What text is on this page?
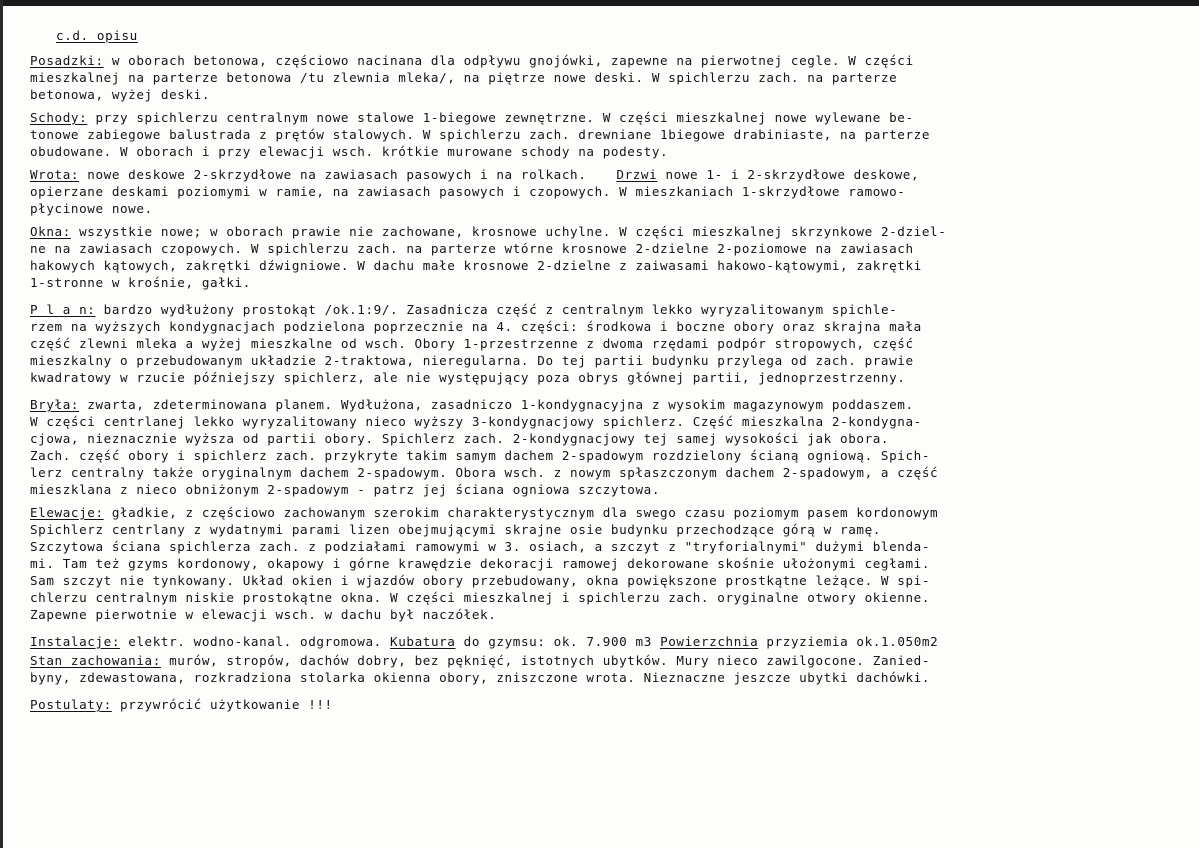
c.d. opisu
Posadzki: w oborach betonowa, częściowo nacinana dla odpływu gnojówki, zapewne na pierwotnej cegle. W części
mieszkalnej na parterze betonowa /tu zlewnia mleka/, na piętrze nowe deski. W spichlerzu zach. na parterze
betonowa, wyżej deski.
Schody: przy spichlerzu centralnym nowe stalowe 1-biegowe zewnętrzne. W części mieszkalnej nowe wylewane be-
tonowe zabiegowe balustrada z prętów stalowych. W spichlerzu zach. drewniane 1biegowe drabiniaste, na parterze
obudowane. W oborach i przy elewacji wsch. krótkie murowane schody na podesty.
Wrota: nowe deskowe 2-skrzydłowe na zawiasach pasowych i na rolkach. Drzwi nowe 1- i 2-skrzydłowe deskowe,
opierzane deskami poziomymi w ramie, na zawiasach pasowych i czopowych. W mieszkaniach 1-skrzydłowe ramowo-
płycinowe nowe.
Okna: wszystkie nowe; w oborach prawie nie zachowane, krosnowe uchylne. W części mieszkalnej skrzynkowe 2-dziel-
ne na zawiasach czopowych. W spichlerzu zach. na parterze wtórne krosnowe 2-dzielne 2-poziomowe na zawiasach
hakowych kątowych, zakrętki dźwigniowe. W dachu małe krosnowe 2-dzielne z zaiwasami hakowo-kątowymi, zakrętki
1-stronne w krośnie, gałki.
P l a n: bardzo wydłużony prostokąt /ok.1:9/. Zasadnicza część z centralnym lekko wyryzalitowanym spichle-
rzem na wyższych kondygnacjach podzielona poprzecznie na 4. części: środkowa i boczne obory oraz skrajna mała
część zlewni mleka a wyżej mieszkalne od wsch. Obory 1-przestrzenne z dwoma rzędami podpór stropowych, część
mieszkalny o przebudowanym układzie 2-traktowa, nieregularna. Do tej partii budynku przylega od zach. prawie
kwadratowy w rzucie późniejszy spichlerz, ale nie występujący poza obrys głównej partii, jednoprzestrzenny.
Bryła: zwarta, zdeterminowana planem. Wydłużona, zasadniczo 1-kondygnacyjna z wysokim magazynowym poddaszem.
W części centrlanej lekko wyryzalitowany nieco wyższy 3-kondygnacjowy spichlerz. Część mieszkalna 2-kondygna-
cjowa, nieznacznie wyższa od partii obory. Spichlerz zach. 2-kondygnacjowy tej samej wysokości jak obora.
Zach. część obory i spichlerz zach. przykryte takim samym dachem 2-spadowym rozdzielony ścianą ogniową. Spich-
lerz centralny także oryginalnym dachem 2-spadowym. Obora wsch. z nowym spłaszczonym dachem 2-spadowym, a część
mieszklana z nieco obniżonym 2-spadowym - patrz jej ściana ogniowa szczytowa.
Elewacje: gładkie, z częściowo zachowanym szerokim charakterystycznym dla swego czasu poziomym pasem kordonowym
Spichlerz centrlany z wydatnymi parami lizen obejmującymi skrajne osie budynku przechodzące górą w ramę.
Szczytowa ściana spichlerza zach. z podziałami ramowymi w 3. osiach, a szczyt z "tryforialnymi" dużymi blenda-
mi. Tam też gzyms kordonowy, okapowy i górne krawędzie dekoracji ramowej dekorowane skośnie ułożonymi cegłami.
Sam szczyt nie tynkowany. Układ okien i wjazdów obory przebudowany, okna powiększone prostkątne leżące. W spi-
chlerzu centralnym niskie prostokątne okna. W części mieszkalnej i spichlerzu zach. oryginalne otwory okienne.
Zapewne pierwotnie w elewacji wsch. w dachu był naczółek.
Instalacje: elektr. wodno-kanal. odgromowa. Kubatura do gzymsu: ok. 7.900 m3 Powierzchnia przyziemia ok.1.050m2
Stan zachowania: murów, stropów, dachów dobry, bez pęknięć, istotnych ubytków. Mury nieco zawilgocone. Zanied-
byny, zdewastowana, rozkradziona stolarka okienna obory, zniszczone wrota. Nieznaczne jeszcze ubytki dachówki.
Postulaty: przywrócić użytkowanie !!!
